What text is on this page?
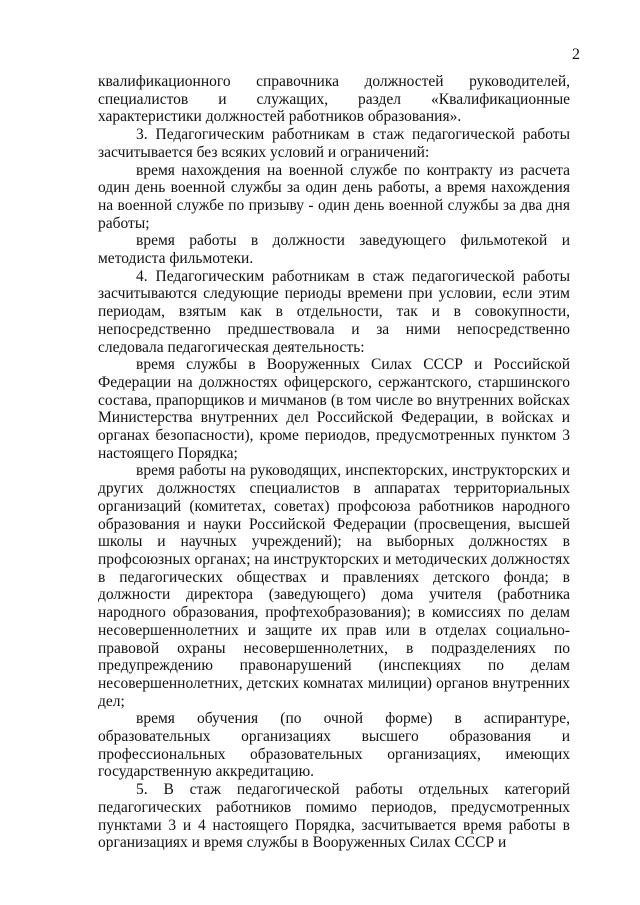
2

квалификационного справочника должностей руководителей, специалистов и служащих, раздел «Квалификационные характеристики должностей работников образования».

3. Педагогическим работникам в стаж педагогической работы засчитывается без всяких условий и ограничений:

время нахождения на военной службе по контракту из расчета один день военной службы за один день работы, а время нахождения на военной службе по призыву - один день военной службы за два дня работы;

время работы в должности заведующего фильмотекой и методиста фильмотеки.

4. Педагогическим работникам в стаж педагогической работы засчитываются следующие периоды времени при условии, если этим периодам, взятым как в отдельности, так и в совокупности, непосредственно предшествовала и за ними непосредственно следовала педагогическая деятельность:

время службы в Вооруженных Силах СССР и Российской Федерации на должностях офицерского, сержантского, старшинского состава, прапорщиков и мичманов (в том числе во внутренних войсках Министерства внутренних дел Российской Федерации, в войсках и органах безопасности), кроме периодов, предусмотренных пунктом 3 настоящего Порядка;

время работы на руководящих, инспекторских, инструкторских и других должностях специалистов в аппаратах территориальных организаций (комитетах, советах) профсоюза работников народного образования и науки Российской Федерации (просвещения, высшей школы и научных учреждений); на выборных должностях в профсоюзных органах; на инструкторских и методических должностях в педагогических обществах и правлениях детского фонда; в должности директора (заведующего) дома учителя (работника народного образования, профтехобразования); в комиссиях по делам несовершеннолетних и защите их прав или в отделах социально-правовой охраны несовершеннолетних, в подразделениях по предупреждению правонарушений (инспекциях по делам несовершеннолетних, детских комнатах милиции) органов внутренних дел;

время обучения (по очной форме) в аспирантуре, образовательных организациях высшего образования и профессиональных образовательных организациях, имеющих государственную аккредитацию.

5. В стаж педагогической работы отдельных категорий педагогических работников помимо периодов, предусмотренных пунктами 3 и 4 настоящего Порядка, засчитывается время работы в организациях и время службы в Вооруженных Силах СССР и
